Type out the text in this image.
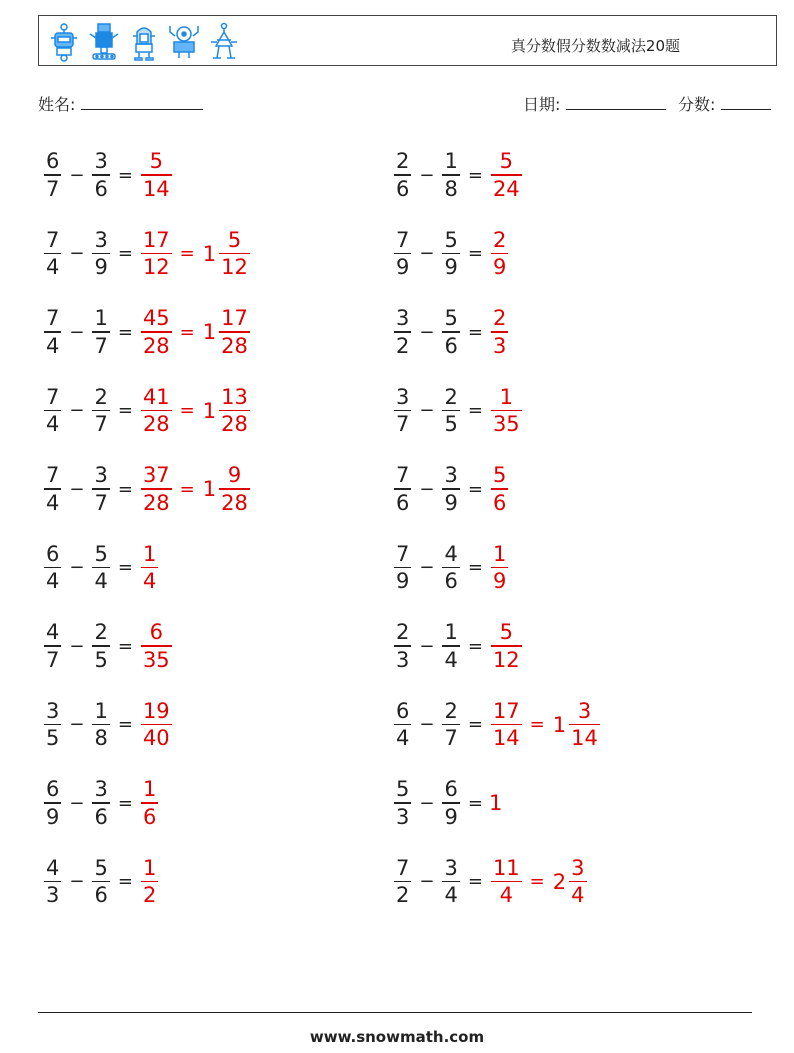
真分数假分数数减法20题
姓名:	日期:	分数:
$\frac{6}{7} - \frac{3}{6} = \frac{5}{14}$
$\frac{7}{4} - \frac{3}{9} = \frac{17}{12} = 1 \frac{5}{12}$
$\frac{7}{4} - \frac{1}{7} = \frac{45}{28} = 1 \frac{17}{28}$
$\frac{7}{4} - \frac{2}{7} = \frac{41}{28} = 1 \frac{13}{28}$
$\frac{7}{4} - \frac{3}{7} = \frac{37}{28} = 1 \frac{9}{28}$
$\frac{6}{4} - \frac{5}{4} = \frac{1}{4}$
$\frac{4}{7} - \frac{2}{5} = \frac{6}{35}$
$\frac{3}{5} - \frac{1}{8} = \frac{19}{40}$
$\frac{6}{9} - \frac{3}{6} = \frac{1}{6}$
$\frac{4}{3} - \frac{5}{6} = \frac{1}{2}$
$\frac{2}{6} - \frac{1}{8} = \frac{5}{24}$
$\frac{7}{9} - \frac{5}{9} = \frac{2}{9}$
$\frac{3}{2} - \frac{5}{6} = \frac{2}{3}$
$\frac{3}{7} - \frac{2}{5} = \frac{1}{35}$
$\frac{7}{6} - \frac{3}{9} = \frac{5}{6}$
$\frac{7}{9} - \frac{4}{6} = \frac{1}{9}$
$\frac{2}{3} - \frac{1}{4} = \frac{5}{12}$
$\frac{6}{4} - \frac{2}{7} = \frac{17}{14} = 1 \frac{3}{14}$
$\frac{5}{3} - \frac{6}{9} = 1$
$\frac{7}{2} - \frac{3}{4} = \frac{11}{4} = 2 \frac{3}{4}$
www.snowmath.com
